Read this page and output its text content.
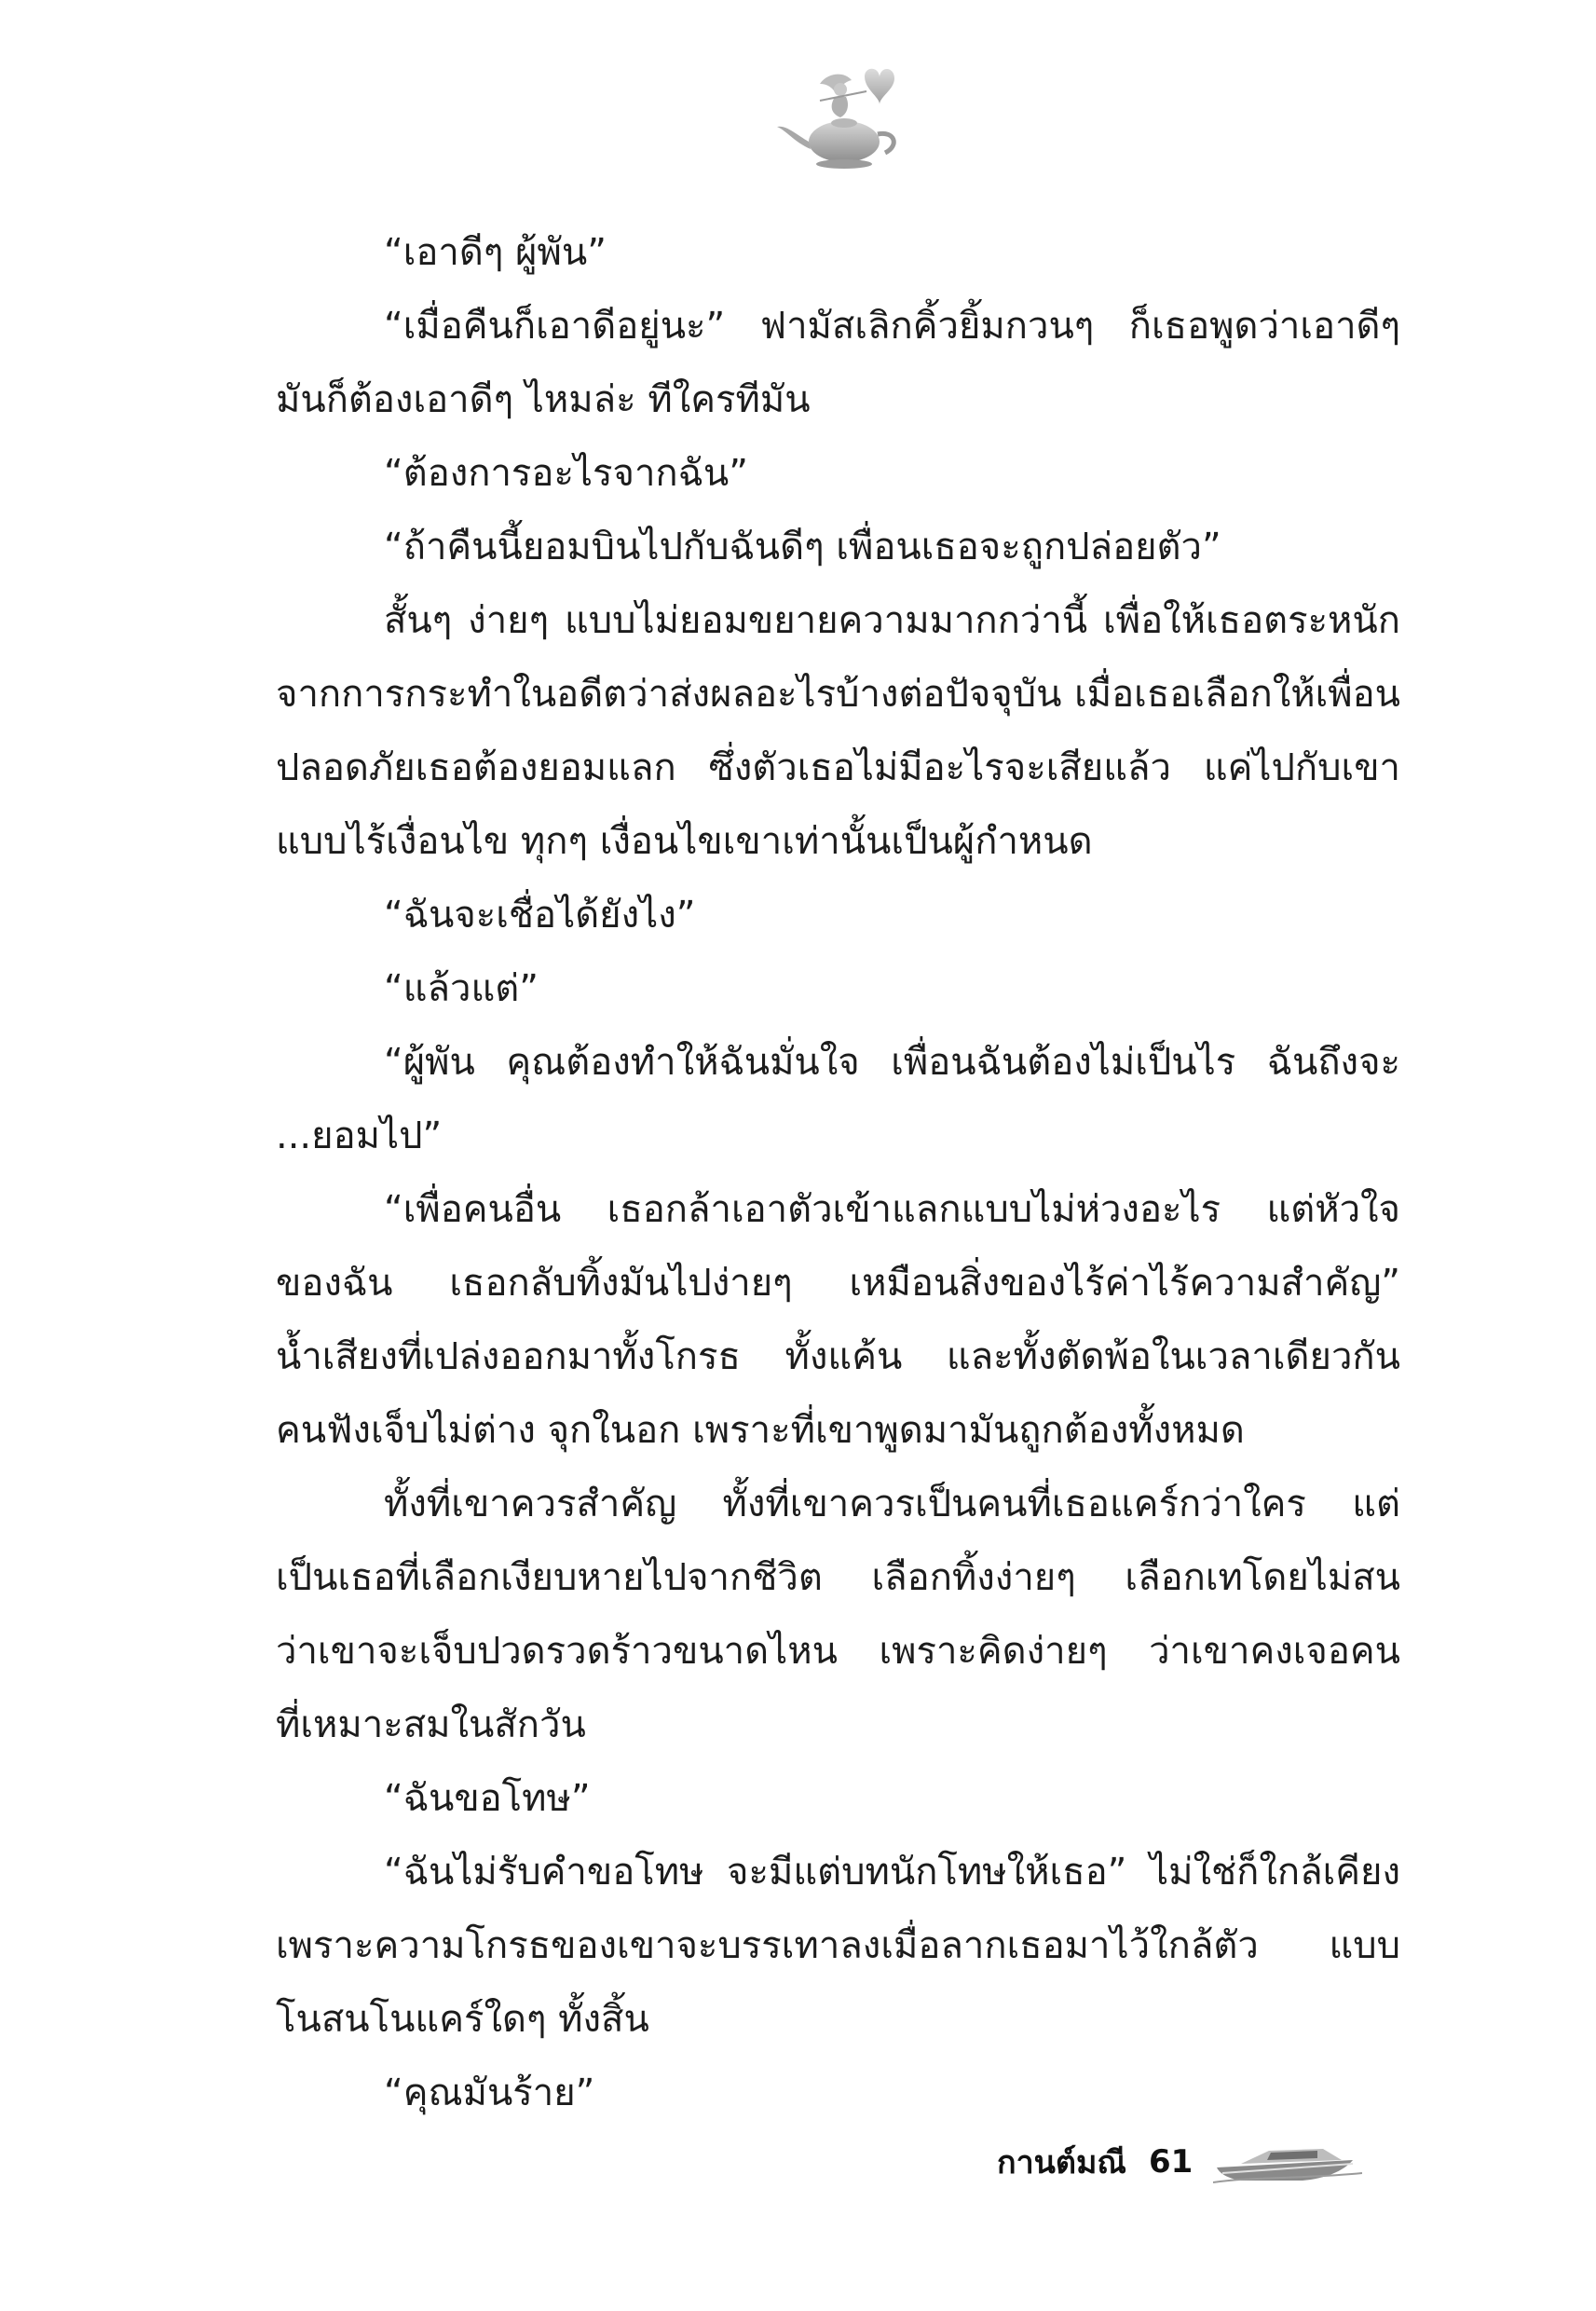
“เอาดีๆ ผู้พัน”
“เมื่อคืนก็เอาดีอยู่นะ” ฟามัสเลิกคิ้วยิ้มกวนๆ ก็เธอพูดว่าเอาดีๆ
มันก็ต้องเอาดีๆ ไหมล่ะ ทีใครทีมัน
“ต้องการอะไรจากฉัน”
“ถ้าคืนนี้ยอมบินไปกับฉันดีๆ เพื่อนเธอจะถูกปล่อยตัว”
สั้นๆ ง่ายๆ แบบไม่ยอมขยายความมากกว่านี้ เพื่อให้เธอตระหนัก
จากการกระทำในอดีตว่าส่งผลอะไรบ้างต่อปัจจุบัน เมื่อเธอเลือกให้เพื่อน
ปลอดภัยเธอต้องยอมแลก ซึ่งตัวเธอไม่มีอะไรจะเสียแล้ว แค่ไปกับเขา
แบบไร้เงื่อนไข ทุกๆ เงื่อนไขเขาเท่านั้นเป็นผู้กำหนด
“ฉันจะเชื่อได้ยังไง”
“แล้วแต่”
“ผู้พัน คุณต้องทำให้ฉันมั่นใจ เพื่อนฉันต้องไม่เป็นไร ฉันถึงจะ
...ยอมไป”
“เพื่อคนอื่น เธอกล้าเอาตัวเข้าแลกแบบไม่ห่วงอะไร แต่หัวใจ
ของฉัน เธอกลับทิ้งมันไปง่ายๆ เหมือนสิ่งของไร้ค่าไร้ความสำคัญ”
น้ำเสียงที่เปล่งออกมาทั้งโกรธ ทั้งแค้น และทั้งตัดพ้อในเวลาเดียวกัน
คนฟังเจ็บไม่ต่าง จุกในอก เพราะที่เขาพูดมามันถูกต้องทั้งหมด
ทั้งที่เขาควรสำคัญ ทั้งที่เขาควรเป็นคนที่เธอแคร์กว่าใคร แต่
เป็นเธอที่เลือกเงียบหายไปจากชีวิต เลือกทิ้งง่ายๆ เลือกเทโดยไม่สน
ว่าเขาจะเจ็บปวดรวดร้าวขนาดไหน เพราะคิดง่ายๆ ว่าเขาคงเจอคน
ที่เหมาะสมในสักวัน
“ฉันขอโทษ”
“ฉันไม่รับคำขอโทษ จะมีแต่บทนักโทษให้เธอ” ไม่ใช่ก็ใกล้เคียง
เพราะความโกรธของเขาจะบรรเทาลงเมื่อลากเธอมาไว้ใกล้ตัว แบบ
โนสนโนแคร์ใดๆ ทั้งสิ้น
“คุณมันร้าย”
กานต์มณี 61
